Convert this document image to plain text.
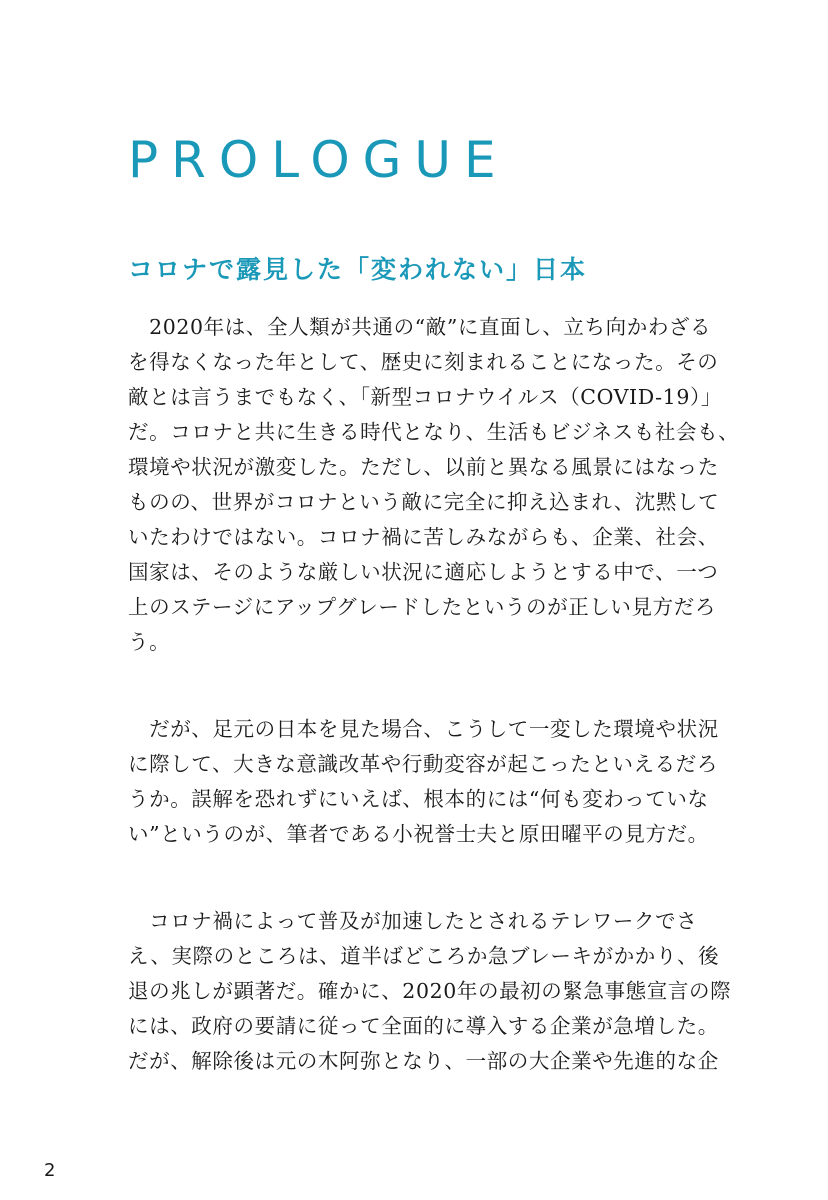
PROLOGUE
コロナで露見した「変われない」日本

　2020年は、全人類が共通の“敵”に直面し、立ち向かわざる
を得なくなった年として、歴史に刻まれることになった。その
敵とは言うまでもなく、「新型コロナウイルス（COVID-19）」
だ。コロナと共に生きる時代となり、生活もビジネスも社会も、
環境や状況が激変した。ただし、以前と異なる風景にはなった
ものの、世界がコロナという敵に完全に抑え込まれ、沈黙して
いたわけではない。コロナ禍に苦しみながらも、企業、社会、
国家は、そのような厳しい状況に適応しようとする中で、一つ
上のステージにアップグレードしたというのが正しい見方だろ
う。

　だが、足元の日本を見た場合、こうして一変した環境や状況
に際して、大きな意識改革や行動変容が起こったといえるだろ
うか。誤解を恐れずにいえば、根本的には“何も変わっていな
い”というのが、筆者である小祝誉士夫と原田曜平の見方だ。

　コロナ禍によって普及が加速したとされるテレワークでさ
え、実際のところは、道半ばどころか急ブレーキがかかり、後
退の兆しが顕著だ。確かに、2020年の最初の緊急事態宣言の際
には、政府の要請に従って全面的に導入する企業が急増した。
だが、解除後は元の木阿弥となり、一部の大企業や先進的な企

2
